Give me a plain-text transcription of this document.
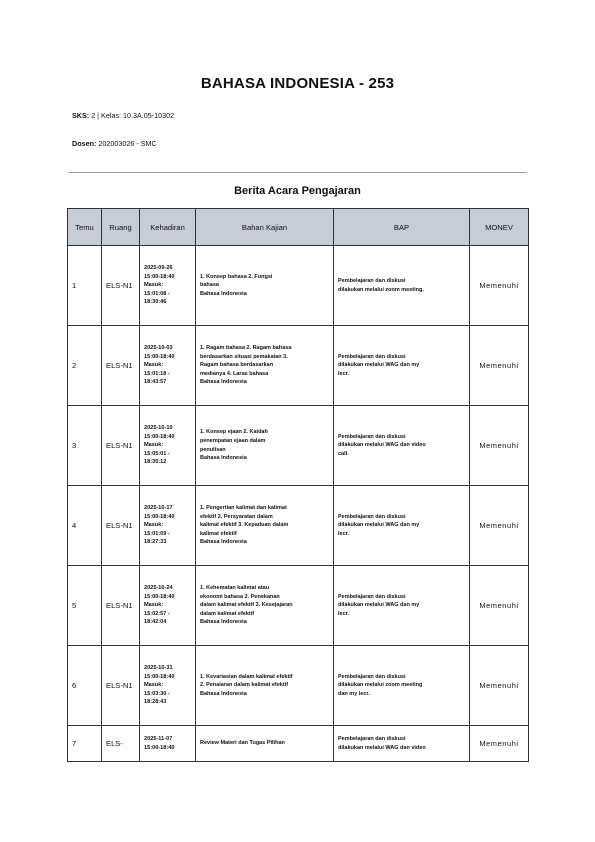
BAHASA INDONESIA - 253
SKS: 2 | Kelas: 10.3A.05-10302
Dosen: 202003026 - SMC
Berita Acara Pengajaran
Temu	Ruang	Kehadiran	Bahan Kajian	BAP	MONEV
1	ELS-N1	2025-09-26
15:00-18:40
Masuk:
15:01:08 -
18:30:46	1. Konsep bahasa 2. Fungsi
bahasa
Bahasa Indonesia	Pembelajaran dan diskusi
dilakukan melalui zoom meeting.	Memenuhi
2	ELS-N1	2025-10-03
15:00-18:40
Masuk:
15:01:18 -
18:43:57	1. Ragam bahasa 2. Ragam bahasa
berdasarkan situasi pemakaian 3.
Ragam bahasa berdasarkan
medianya 4. Laras bahasa
Bahasa Indonesia	Pembelajaran dan diskusi
dilakukan melalui WAG dan my
lecr.	Memenuhi
3	ELS-N1	2025-10-10
15:00-18:40
Masuk:
15:05:01 -
18:35:12	1. Konsep ejaan 2. Kaidah
penempatan ejaan dalam
penulisan
Bahasa Indonesia	Pembelajaran dan diskusi
dilakukan melalui WAG dan video
call.	Memenuhi
4	ELS-N1	2025-10-17
15:00-18:40
Masuk:
15:01:09 -
18:27:33	1. Pengertian kalimat dan kalimat
efektif 2. Persyaratan dalam
kalimat efektif 3. Kepaduan dalam
kalimat efektif
Bahasa Indonesia	Pembelajaran dan diskusi
dilakukan melalui WAG dan my
lecr.	Memenuhi
5	ELS-N1	2025-10-24
15:00-18:40
Masuk:
15:02:57 -
18:42:04	1. Kehematan kalimat atau
ekonomi bahasa 2. Penekanan
dalam kalimat efektif 3. Kesejajaran
dalam kalimat efektif
Bahasa Indonesia	Pembelajaran dan diskusi
dilakukan melalui WAG dan my
lecr.	Memenuhi
6	ELS-N1	2025-10-31
15:00-18:40
Masuk:
15:03:30 -
18:28:43	1. Kevariasian dalam kalimat efektif
2. Penalaran dalam kalimat efektif
Bahasa Indonesia	Pembelajaran dan diskusi
dilakukan melalui zoom meeting
dan my lecr.	Memenuhi
7	ELS-	2025-11-07
15:00-18:40	Review Materi dan Tugas Pilihan	Pembelajaran dan diskusi
dilakukan melalui WAG dan video	Memenuhi
